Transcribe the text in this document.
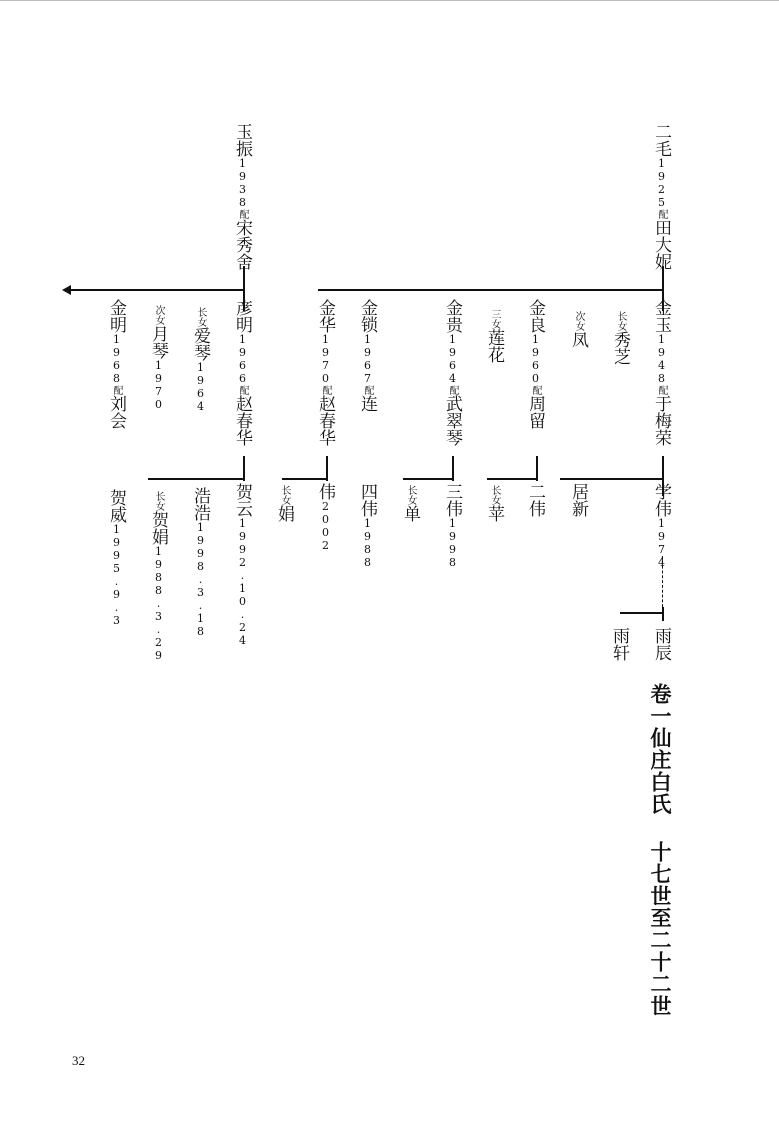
二毛1925配田大妮
玉振1938配宋秀舍
金玉1948配于梅荣
长女秀芝
次女凤
金良1960配周留
三女莲花
金贵1964配武翠琴
金锁1967配连
金华1970配赵春华
彦明1966配赵春华
长女爱琴1964
次女月琴1970
金明1968配刘会
学伟1974
居新
二伟
长女苹
三伟1998
长女单
四伟1988
伟2002
长女娟
贺云1992.10.24
浩浩1998.3.18
长女贺娟1988.3.29
贺威1995.9.3
雨辰
雨轩
卷一仙庄白氏 十七世至二十二世
32
